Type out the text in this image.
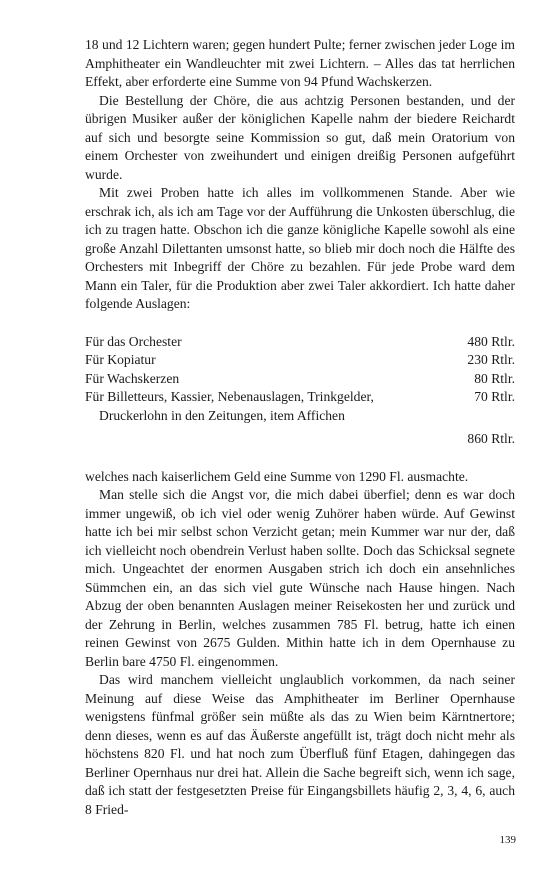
18 und 12 Lichtern waren; gegen hundert Pulte; ferner zwischen jeder Loge im Amphitheater ein Wandleuchter mit zwei Lichtern. – Alles das tat herrlichen Effekt, aber erforderte eine Summe von 94 Pfund Wachskerzen.

Die Bestellung der Chöre, die aus achtzig Personen bestanden, und der übrigen Musiker außer der königlichen Kapelle nahm der biedere Reichardt auf sich und besorgte seine Kommission so gut, daß mein Oratorium von einem Orchester von zweihundert und einigen dreißig Personen aufgeführt wurde.

Mit zwei Proben hatte ich alles im vollkommenen Stande. Aber wie erschrak ich, als ich am Tage vor der Aufführung die Unkosten überschlug, die ich zu tragen hatte. Obschon ich die ganze königliche Kapelle sowohl als eine große Anzahl Dilettanten umsonst hatte, so blieb mir doch noch die Hälfte des Orchesters mit Inbegriff der Chöre zu bezahlen. Für jede Probe ward dem Mann ein Taler, für die Produktion aber zwei Taler akkordiert. Ich hatte daher folgende Auslagen:

Für das Orchester	480 Rtlr.
Für Kopiatur	230 Rtlr.
Für Wachskerzen	80 Rtlr.
Für Billetteurs, Kassier, Nebenauslagen, Trinkgelder,	70 Rtlr.
Druckerlohn in den Zeitungen, item Affichen
860 Rtlr.

welches nach kaiserlichem Geld eine Summe von 1290 Fl. ausmachte.

Man stelle sich die Angst vor, die mich dabei überfiel; denn es war doch immer ungewiß, ob ich viel oder wenig Zuhörer haben würde. Auf Gewinst hatte ich bei mir selbst schon Verzicht getan; mein Kummer war nur der, daß ich vielleicht noch obendrein Verlust haben sollte. Doch das Schicksal segnete mich. Ungeachtet der enormen Ausgaben strich ich doch ein ansehnliches Sümmchen ein, an das sich viel gute Wünsche nach Hause hingen. Nach Abzug der oben benannten Auslagen meiner Reisekosten her und zurück und der Zehrung in Berlin, welches zusammen 785 Fl. betrug, hatte ich einen reinen Gewinst von 2675 Gulden. Mithin hatte ich in dem Opernhause zu Berlin bare 4750 Fl. eingenommen.

Das wird manchem vielleicht unglaublich vorkommen, da nach seiner Meinung auf diese Weise das Amphitheater im Berliner Opernhause wenigstens fünfmal größer sein müßte als das zu Wien beim Kärntnertore; denn dieses, wenn es auf das Äußerste angefüllt ist, trägt doch nicht mehr als höchstens 820 Fl. und hat noch zum Überfluß fünf Etagen, dahingegen das Berliner Opernhaus nur drei hat. Allein die Sache begreift sich, wenn ich sage, daß ich statt der festgesetzten Preise für Eingangsbillets häufig 2, 3, 4, 6, auch 8 Fried-

139
